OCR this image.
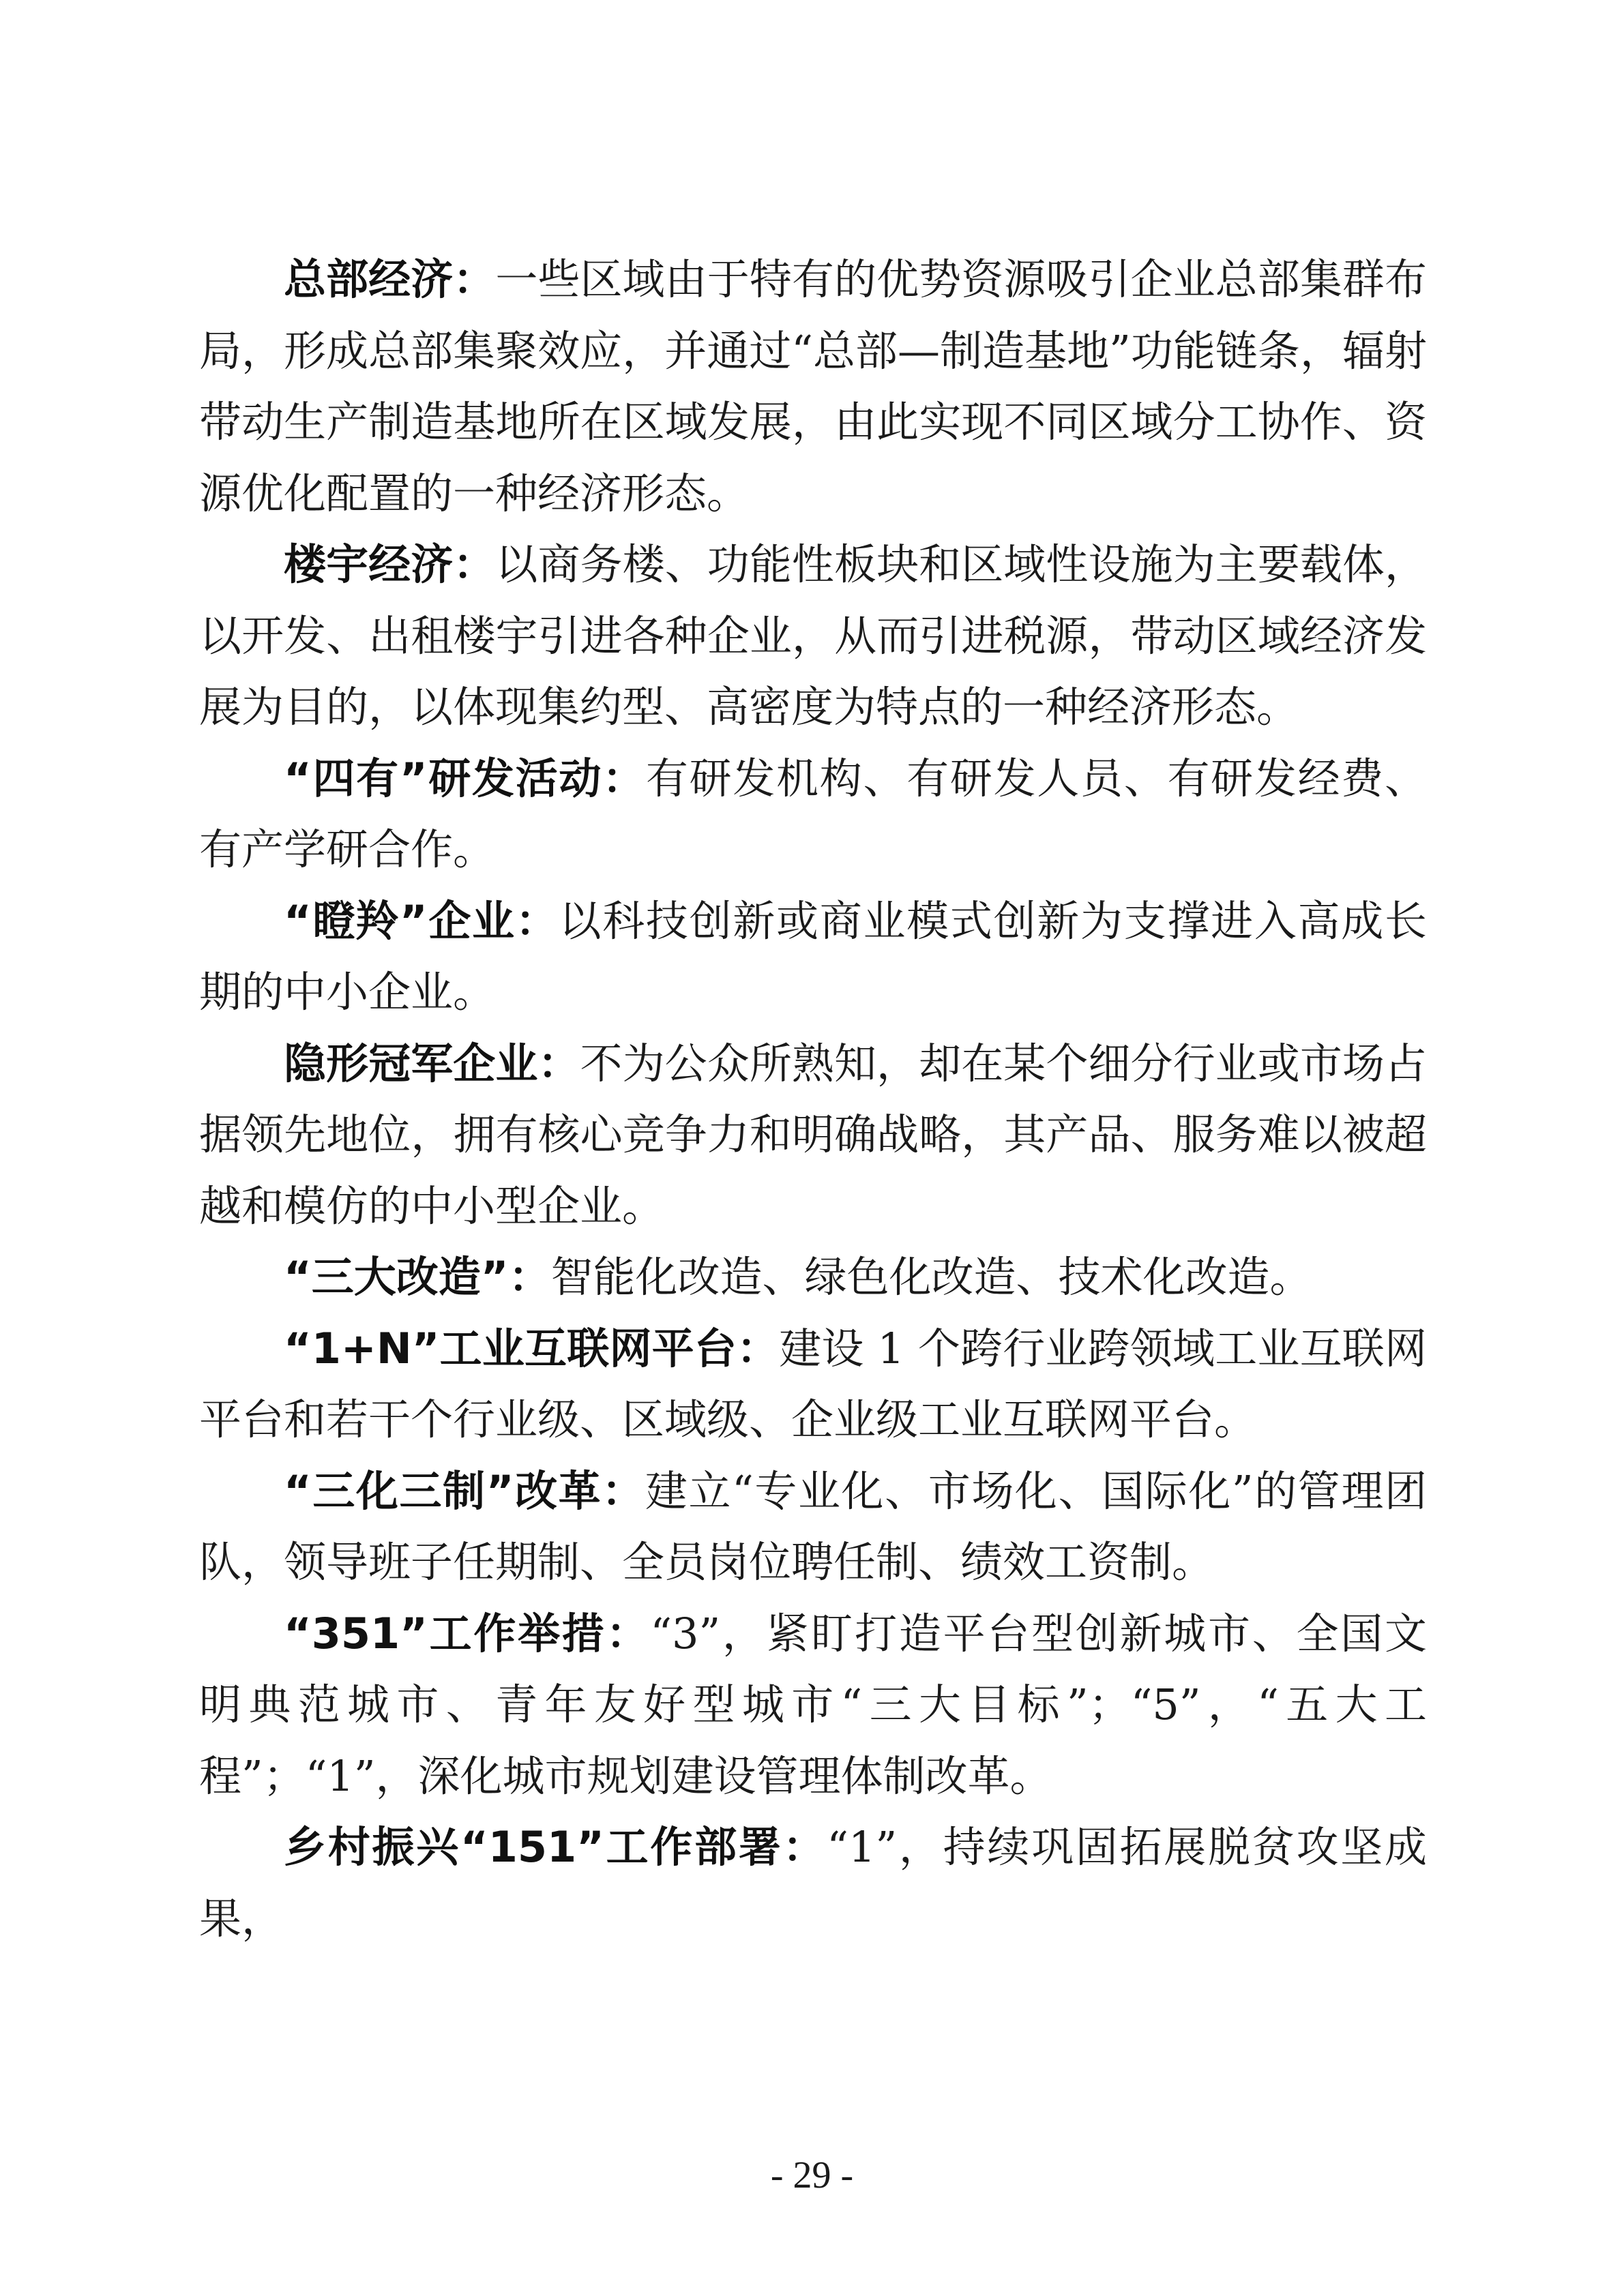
总部经济：一些区域由于特有的优势资源吸引企业总部集群布局，形成总部集聚效应，并通过“总部—制造基地”功能链条，辐射带动生产制造基地所在区域发展，由此实现不同区域分工协作、资源优化配置的一种经济形态。

楼宇经济：以商务楼、功能性板块和区域性设施为主要载体，以开发、出租楼宇引进各种企业，从而引进税源，带动区域经济发展为目的，以体现集约型、高密度为特点的一种经济形态。

“四有”研发活动：有研发机构、有研发人员、有研发经费、有产学研合作。

“瞪羚”企业：以科技创新或商业模式创新为支撑进入高成长期的中小企业。

隐形冠军企业：不为公众所熟知，却在某个细分行业或市场占据领先地位，拥有核心竞争力和明确战略，其产品、服务难以被超越和模仿的中小型企业。

“三大改造”：智能化改造、绿色化改造、技术化改造。

“1+N”工业互联网平台：建设 1 个跨行业跨领域工业互联网平台和若干个行业级、区域级、企业级工业互联网平台。

“三化三制”改革：建立“专业化、市场化、国际化”的管理团队，领导班子任期制、全员岗位聘任制、绩效工资制。

“351”工作举措：“3”，紧盯打造平台型创新城市、全国文明典范城市、青年友好型城市“三大目标”；“5”，“五大工程”；“1”，深化城市规划建设管理体制改革。

乡村振兴“151”工作部署：“1”，持续巩固拓展脱贫攻坚成果，

- 29 -
